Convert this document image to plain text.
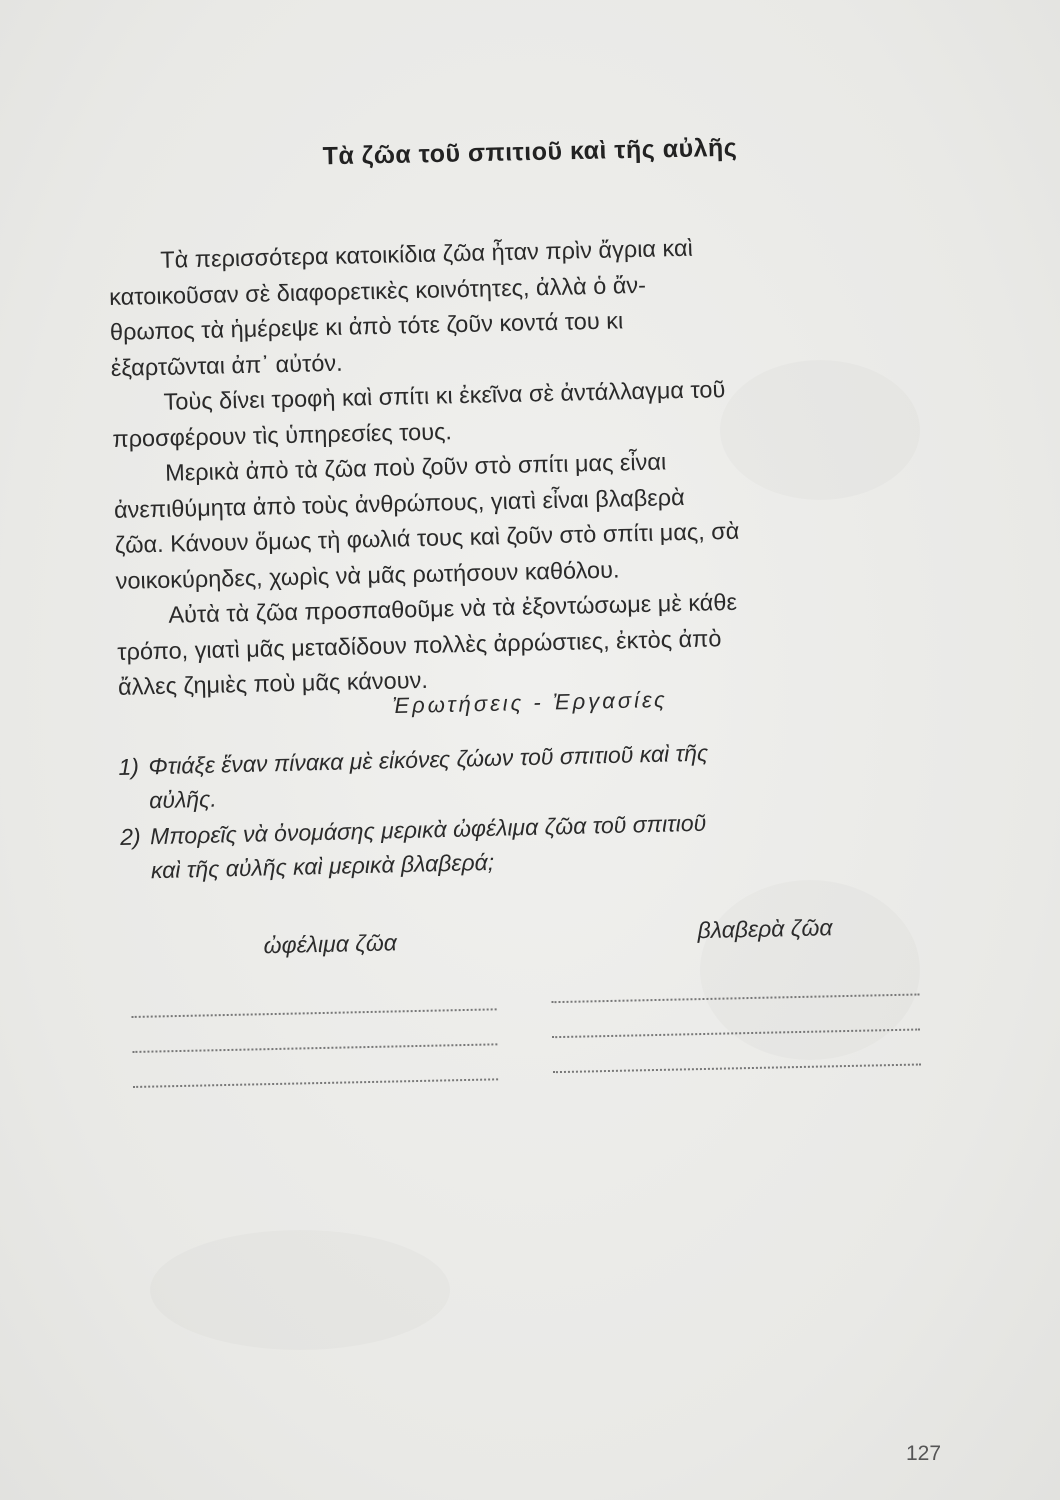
Τὰ ζῶα τοῦ σπιτιοῦ καὶ τῆς αὐλῆς

Τὰ περισσότερα κατοικίδια ζῶα ἦταν πρὶν ἄγρια καὶ
κατοικοῦσαν σὲ διαφορετικὲς κοινότητες, ἀλλὰ ὁ ἄν-
θρωπος τὰ ἡμέρεψε κι ἀπὸ τότε ζοῦν κοντά του κι
ἐξαρτῶνται ἀπ᾽ αὐτόν.

Τοὺς δίνει τροφὴ καὶ σπίτι κι ἐκεῖνα σὲ ἀντάλλαγμα τοῦ
προσφέρουν τὶς ὑπηρεσίες τους.

Μερικὰ ἀπὸ τὰ ζῶα ποὺ ζοῦν στὸ σπίτι μας εἶναι
ἀνεπιθύμητα ἀπὸ τοὺς ἀνθρώπους, γιατὶ εἶναι βλαβερὰ
ζῶα. Κάνουν ὅμως τὴ φωλιά τους καὶ ζοῦν στὸ σπίτι μας, σὰ
νοικοκύρηδες, χωρὶς νὰ μᾶς ρωτήσουν καθόλου.

Αὐτὰ τὰ ζῶα προσπαθοῦμε νὰ τὰ ἐξοντώσωμε μὲ κάθε
τρόπο, γιατὶ μᾶς μεταδίδουν πολλὲς ἀρρώστιες, ἐκτὸς ἀπὸ
ἄλλες ζημιὲς ποὺ μᾶς κάνουν.

Ἐρωτήσεις - Ἐργασίες
1) Φτιάξε ἕναν πίνακα μὲ εἰκόνες ζώων τοῦ σπιτιοῦ καὶ τῆς
αὐλῆς.
2) Μπορεῖς νὰ ὀνομάσης μερικὰ ὠφέλιμα ζῶα τοῦ σπιτιοῦ
καὶ τῆς αὐλῆς καὶ μερικὰ βλαβερά;
ὠφέλιμα ζῶα
βλαβερὰ ζῶα
127
